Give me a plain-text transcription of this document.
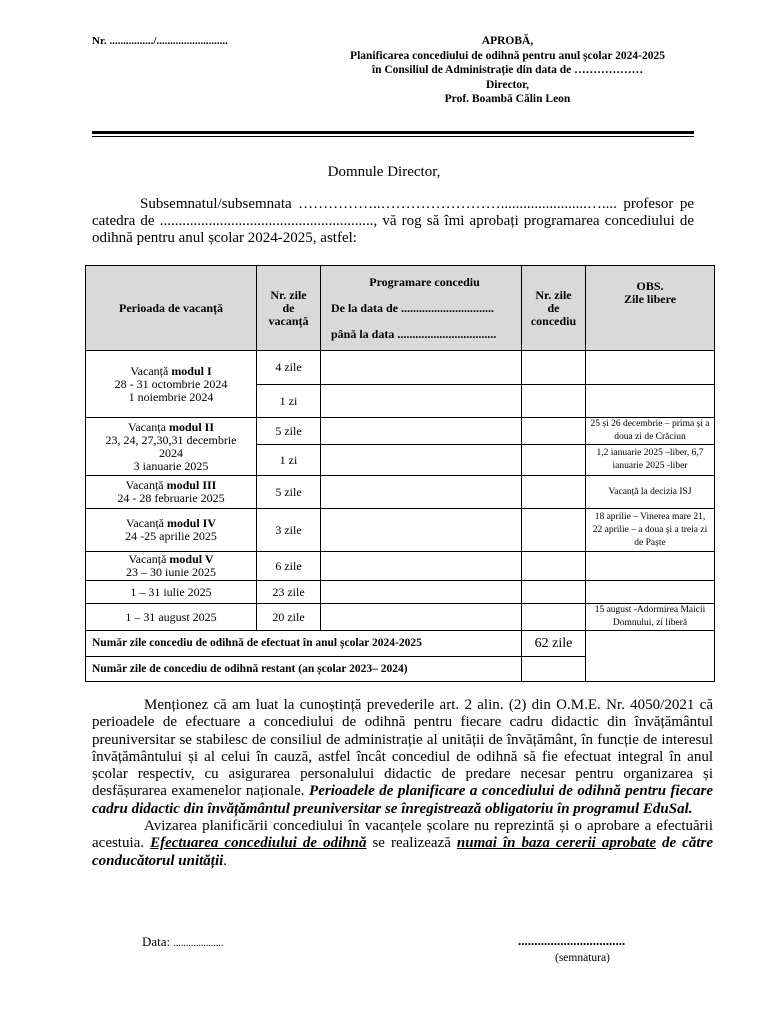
Nr. ................/..........................	APROBĂ,
Planificarea concediului de odihnă pentru anul școlar 2024-2025
în Consiliul de Administrație din data de ………………
Director,
Prof. Boambă Călin Leon
Domnule Director,

Subsemnatul/subsemnata ……………..…………………….......................….... profesor pe catedra de ........................................................., vă rog să îmi aprobați programarea concediului de odihnă pentru anul școlar 2024-2025, astfel:

Perioada de vacanță	Nr. zile
de
vacanță	Programare concediu
De la data de ...............................
până la data .................................	Nr. zile
de
concediu	OBS.
Zile libere
Vacanță modul I
28 - 31 octombrie 2024
1 noiembrie 2024	4 zile			
	1 zi			
Vacanța modul II
23, 24, 27,30,31 decembrie
2024
3 ianuarie 2025	5 zile			25 și 26 decembrie – prima și a doua zi de Crăciun
	1 zi			1,2 ianuarie 2025 –liber, 6,7 ianuarie 2025 -liber
Vacanță modul III
24 - 28 februarie 2025	5 zile			Vacanță la decizia ISJ
Vacanță modul IV
24 -25 aprilie 2025	3 zile			18 aprilie – Vinerea mare 21, 22 aprilie – a doua și a treia zi de Paște
Vacanță modul V
23 – 30 iunie 2025	6 zile			
1 – 31 iulie 2025	23 zile			
1 – 31 august 2025	20 zile			15 august -Adormirea Maicii Domnului, zi liberă
Număr zile concediu de odihnă de efectuat în anul școlar 2024-2025			62 zile	
Număr zile de concediu de odihnă restant (an școlar 2023– 2024)				

Menționez că am luat la cunoștință prevederile art. 2 alin. (2) din O.M.E. Nr. 4050/2021 că perioadele de efectuare a concediului de odihnă pentru fiecare cadru didactic din învățământul preuniversitar se stabilesc de consiliul de administrație al unității de învățământ, în funcție de interesul învățământului și al celui în cauză, astfel încât concediul de odihnă să fie efectuat integral în anul școlar respectiv, cu asigurarea personalului didactic de predare necesar pentru organizarea și desfășurarea examenelor naționale. Perioadele de planificare a concediului de odihnă pentru fiecare cadru didactic din învățământul preuniversitar se înregistrează obligatoriu în programul EduSal.

Avizarea planificării concediului în vacanțele școlare nu reprezintă și o aprobare a efectuării acestuia. Efectuarea concediului de odihnă se realizează numai în baza cererii aprobate de către conducătorul unității.

Data: ....................	.................................
(semnatura)
